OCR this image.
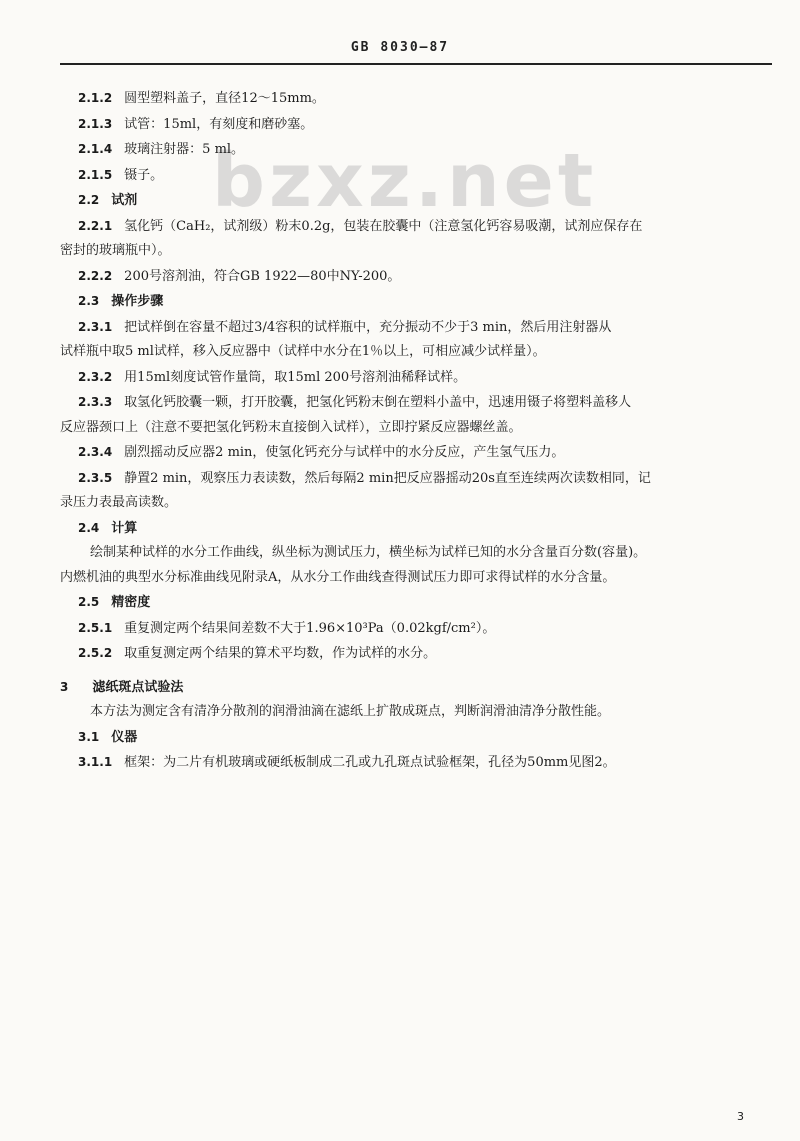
GB 8030—87
bzxz.net
2.1.2 圆型塑料盖子，直径12～15mm。
2.1.3 试管：15ml，有刻度和磨砂塞。
2.1.4 玻璃注射器：5 ml。
2.1.5 镊子。
2.2 试剂
2.2.1 氢化钙（CaH₂，试剂级）粉末0.2g，包装在胶囊中（注意氢化钙容易吸潮，试剂应保存在
密封的玻璃瓶中）。
2.2.2 200号溶剂油，符合GB 1922—80中NY-200。
2.3 操作步骤
2.3.1 把试样倒在容量不超过3/4容积的试样瓶中，充分振动不少于3 min，然后用注射器从
试样瓶中取5 ml试样，移入反应器中（试样中水分在1％以上，可相应减少试样量）。
2.3.2 用15ml刻度试管作量筒，取15ml 200号溶剂油稀释试样。
2.3.3 取氢化钙胶囊一颗，打开胶囊，把氢化钙粉末倒在塑料小盖中，迅速用镊子将塑料盖移人
反应器颈口上（注意不要把氢化钙粉末直接倒入试样），立即拧紧反应器螺丝盖。
2.3.4 剧烈摇动反应器2 min，使氢化钙充分与试样中的水分反应，产生氢气压力。
2.3.5 静置2 min，观察压力表读数，然后每隔2 min把反应器摇动20s直至连续两次读数相同，记
录压力表最高读数。
2.4 计算
绘制某种试样的水分工作曲线，纵坐标为测试压力，横坐标为试样已知的水分含量百分数(容量)。
内燃机油的典型水分标准曲线见附录A，从水分工作曲线查得测试压力即可求得试样的水分含量。
2.5 精密度
2.5.1 重复测定两个结果间差数不大于1.96×10³Pa（0.02kgf/cm²）。
2.5.2 取重复测定两个结果的算术平均数，作为试样的水分。
3 滤纸斑点试验法
本方法为测定含有清净分散剂的润滑油滴在滤纸上扩散成斑点，判断润滑油清净分散性能。
3.1 仪器
3.1.1 框架：为二片有机玻璃或硬纸板制成二孔或九孔斑点试验框架，孔径为50mm见图2。
3
